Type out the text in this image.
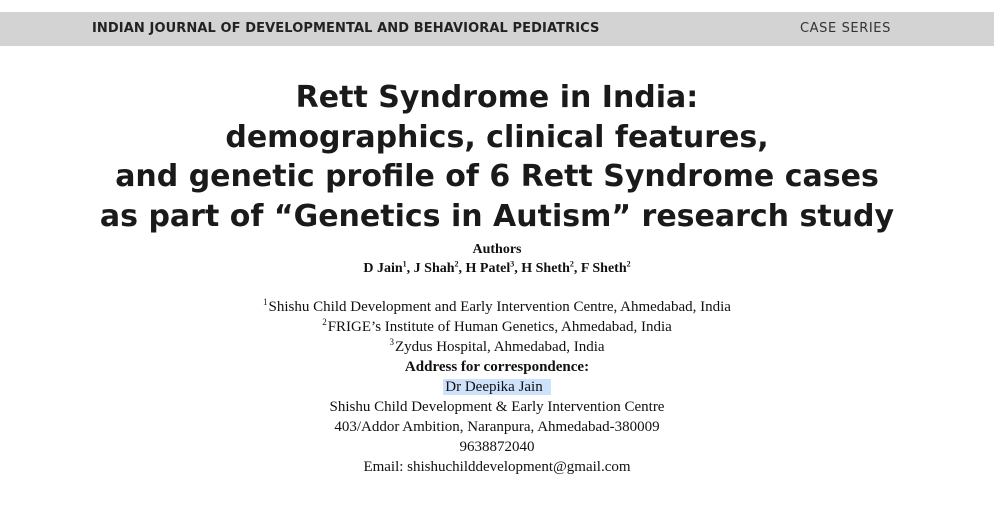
INDIAN JOURNAL OF DEVELOPMENTAL AND BEHAVIORAL PEDIATRICS	CASE SERIES
Rett Syndrome in India:
demographics, clinical features,
and genetic profile of 6 Rett Syndrome cases
as part of “Genetics in Autism” research study
Authors
D Jain$^1$, J Shah$^2$, H Patel$^3$, H Sheth$^2$, F Sheth$^2$
$^1$Shishu Child Development and Early Intervention Centre, Ahmedabad, India
$^2$FRIGE’s Institute of Human Genetics, Ahmedabad, India
$^3$Zydus Hospital, Ahmedabad, India
Address for correspondence:
Dr Deepika Jain
Shishu Child Development & Early Intervention Centre
403/Addor Ambition, Naranpura, Ahmedabad-380009
9638872040
Email: shishuchilddevelopment@gmail.com
